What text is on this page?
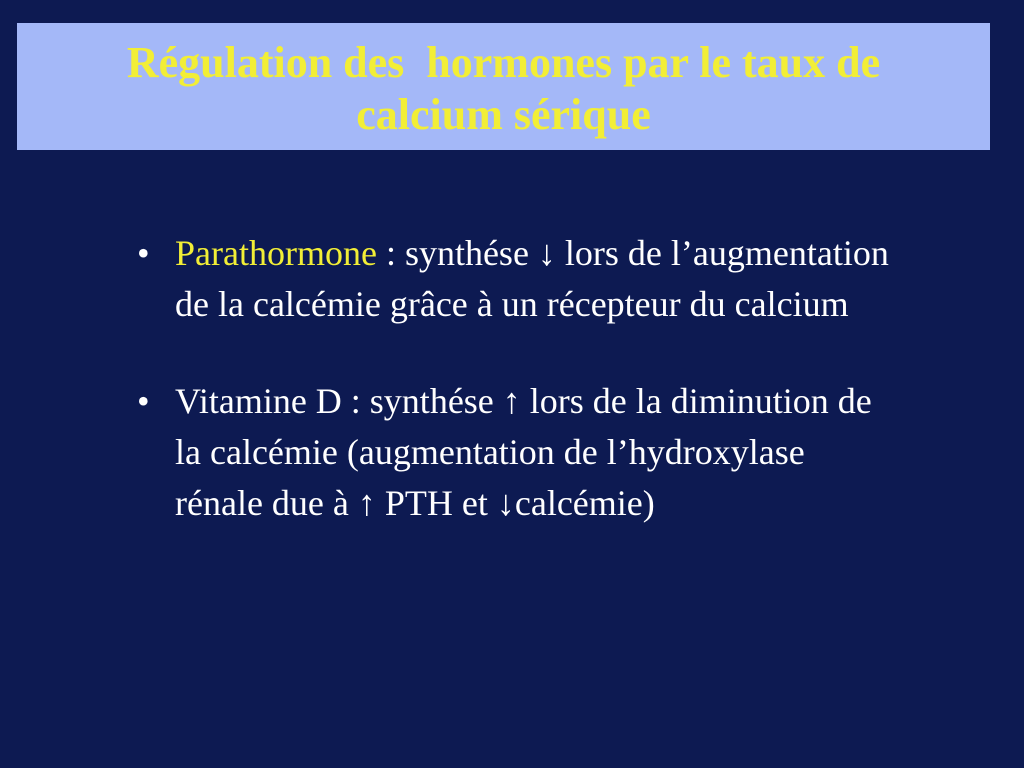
Régulation des  hormones par le taux de
calcium sérique
• Parathormone : synthése ↓ lors de l’augmentation de la calcémie grâce à un récepteur du calcium
• Vitamine D : synthése ↑ lors de la diminution de la calcémie (augmentation de l’hydroxylase rénale due à ↑ PTH et ↓calcémie)
